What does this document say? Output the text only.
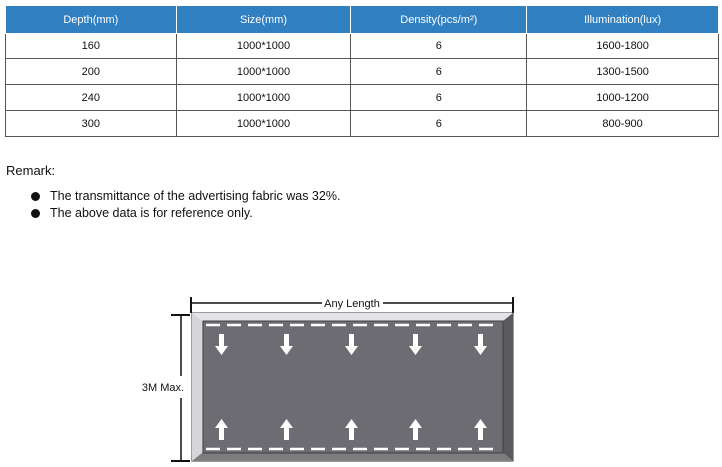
Depth(mm)	Size(mm)	Density(pcs/m²)	Illumination(lux)
160	1000*1000	6	1600-1800
200	1000*1000	6	1300-1500
240	1000*1000	6	1000-1200
300	1000*1000	6	800-900
Remark:
The transmittance of the advertising fabric was 32%.
The above data is for reference only.
Any Length
3M Max.
